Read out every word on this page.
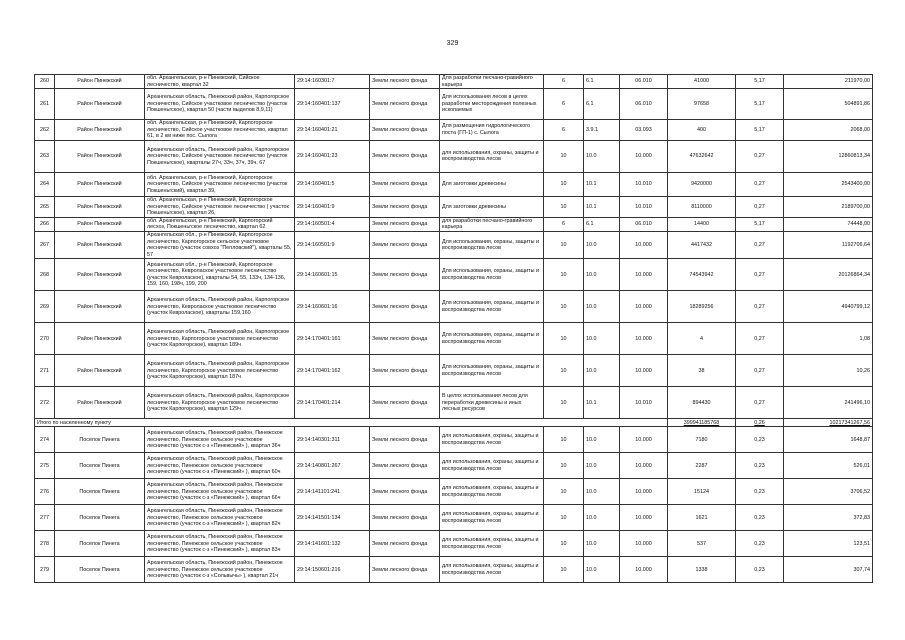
329
260	Район Пинежский	обл. Архангельская, р-н Пинежский, Сийское лесничество, квартал 32	29:14:160301:7	Земли лесного фонда	Для разработки песчано-гравийного карьера	6	6.1	06.010	41000	5,17	211970,00
261	Район Пинежский	Архангельская область, Пинежский район, Карпогорское лесничество, Сийское участковое лесничество (участок Покшеньгское), квартал 50 (части выделов 8,9,11)	29:14:160401:137	Земли лесного фонда	Для использования лесов в целях разработки месторождения полезных ископаемых	6	6.1	06.010	97658	5,17	504891,86
262	Район Пинежский	обл. Архангельская, р-н Пинежский, Карпогорское лесничество, Сийское участковое лесничество, квартал 61, в 2 км ниже пос. Сылога	29:14:160401:21	Земли лесного фонда	Для размещения гидрологического поста (ГП-1) с. Сылога	6	3.9.1	03.093	400	5,17	2068,00
263	Район Пинежский	Архангельская область, Пинежский район, Карпогорское лесничество, Сийское участковое лесничество (участок Покшеньгское), кварталы 27ч, 33ч, 37ч, 39ч, 67	29:14:160401:23	Земли лесного фонда	для использования, охраны, защиты и воспроизводства лесов	10	10.0	10.000	47632642	0,27	12860813,34
264	Район Пинежский	обл. Архангельская, р-н Пинежский, Карпогорское лесничество, Сийское участковое лесничество (участок Покшеньгский), квартал 39,	29:14:160401:5	Земли лесного фонда	Для заготовки древесины	10	10.1	10.010	9420000	0,27	2543400,00
265	Район Пинежский	обл. Архангельская, р-н Пинежский, Карпогорское лесничество, Сийское участковое лесничество ( участок Покшеньгское), квартал 26,	29:14:160401:9	Земли лесного фонда	Для заготовки древесины	10	10.1	10.010	8110000	0,27	2189700,00
266	Район Пинежский	обл. Архангельская, р-н Пинежский, Карпогорский лесхоз, Покшеньгское лесничество, квартал 62	29:14:160501:4	Земли лесного фонда	для разработки песчано-гравийного карьера	6	6.1	06.010	14400	5,17	74448,00
267	Район Пинежский	Архангельская обл., р-н Пинежский, Карпогорское лесничество, Карпогорское сельское участковое лесничество (участок совхоз "Пепловский"), кварталы 55, 57	29:14:160501:9	Земли лесного фонда	Для использования, охраны, защиты и воспроизводства лесов	10	10.0	10.000	4417432	0,27	1192706,64
268	Район Пинежский	Архангельская обл., р-н Пинежский, Карпогорское лесничество, Кевролаское участковое лесничество (участок Кевролаское), кварталы 54, 55, 133ч, 134-136, 159, 160, 198ч, 199, 200	29:14:160601:15	Земли лесного фонда	Для использования, охраны, защиты и воспроизводства лесов	10	10.0	10.000	74543942	0,27	20126864,34
269	Район Пинежский	Архангельская область, Пинежский район, Карпогорское лесничество, Кевролаское участковое лесничество (участок Кевролаское), кварталы 159,160	29:14:160601:16	Земли лесного фонда	Для использования, охраны, защиты и воспроизводства лесов	10	10.0	10.000	18289256	0,27	4940799,12
270	Район Пинежский	Архангельская область, Пинежский район, Карпогорское лесничество, Карпогорское участковое лесничество (участок Карпогорское), квартал 189ч	29:14:170401:161	Земли лесного фонда	Для использования, охраны, защиты и воспроизводства лесов	10	10.0	10.000	4	0,27	1,08
271	Район Пинежский	Архангельская область, Пинежский район, Карпогорское лесничество, Карпогорское участковое лесничество (участок Карпогорское), квартал 187ч	29:14:170401:162	Земли лесного фонда	Для использования, охраны, защиты и воспроизводства лесов	10	10.0	10.000	38	0,27	10,26
272	Район Пинежский	Архангельская область, Пинежский район, Карпогорское лесничество, Карпогорское участковое лесничество (участок Карпогорское), квартал 129ч	29:14:170401:214	Земли лесного фонда	В целях использования лесов для переработки древесины и иных лесных ресурсов	10	10.1	10.010	894430	0,27	241496,10
Итого по населенному пункту									399941185768	0,26	10217341267,56
274	Поселок Пинега	Архангельская область, Пинежский район, Пинежское лесничество, Пинежское сельское участковое лесничество (участок с-з «Пинежский» ), квартал 36ч	29:14:140301:311	Земли лесного фонда	для использования, охраны, защиты и воспроизводства лесов	10	10.0	10.000	7180	0,23	1648,87
275	Поселок Пинега	Архангельская область, Пинежский район, Пинежское лесничество, Пинежское сельское участковое лесничество (участок с-з «Пинежский» ), квартал 60ч	29:14:140801:267	Земли лесного фонда	для использования, охраны, защиты и воспроизводства лесов	10	10.0	10.000	2287	0,23	526,01
276	Поселок Пинега	Архангельская область, Пинежский район, Пинежское лесничество, Пинежское сельское участковое лесничество (участок с-з «Пинежский» ), квартал 66ч	29:14:141101:241	Земли лесного фонда	для использования, охраны, защиты и воспроизводства лесов	10	10.0	10.000	15124	0,23	3706,52
277	Поселок Пинега	Архангельская область, Пинежский район, Пинежское лесничество, Пинежское сельское участковое лесничество (участок с-з «Пинежский» ), квартал 82ч	29:14:141501:134	Земли лесного фонда	для использования, охраны, защиты и воспроизводства лесов	10	10.0	10.000	1621	0,23	372,83
278	Поселок Пинега	Архангельская область, Пинежский район, Пинежское лесничество, Пинежское сельское участковое лесничество (участок с-з «Пинежский» ), квартал 83ч	29:14:141601:132	Земли лесного фонда	для использования, охраны, защиты и воспроизводства лесов	10	10.0	10.000	537	0,23	123,51
279	Поселок Пинега	Архангельская область, Пинежский район, Пинежское лесничество, Пинежское сельское участковое лесничество (участок с-з «Сольвычь» ), квартал 21ч	29:14:150601:216	Земли лесного фонда	для использования, охраны, защиты и воспроизводства лесов	10	10.0	10.000	1338	0,23	307,74
